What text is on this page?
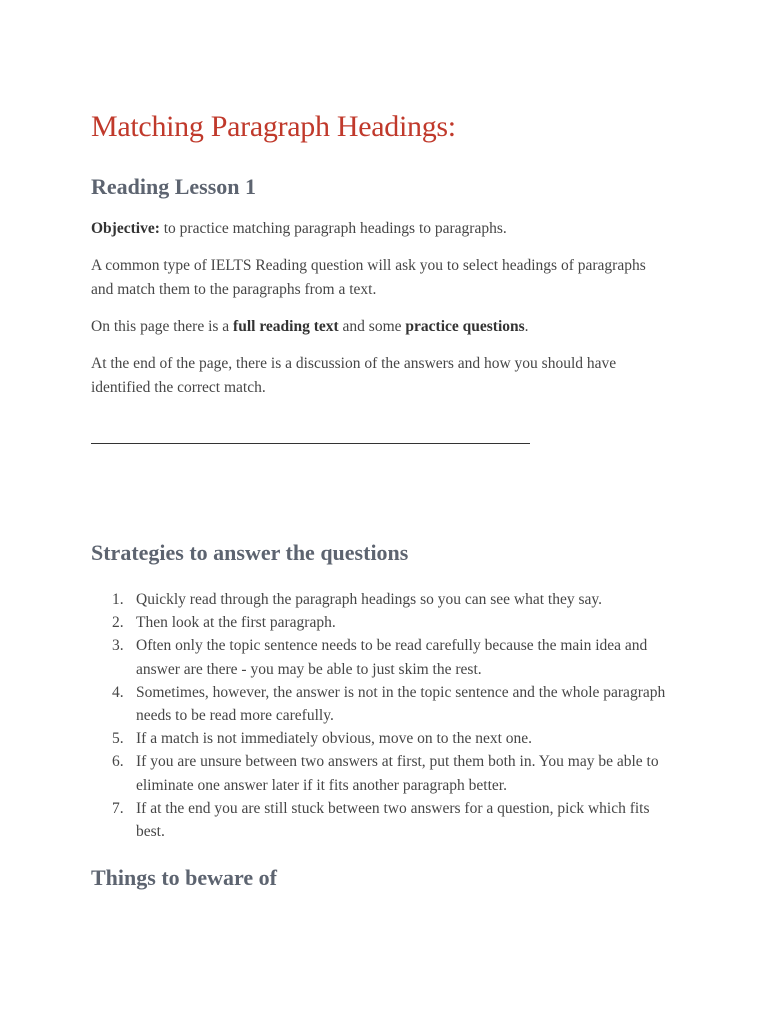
Matching Paragraph Headings:
Reading Lesson 1

Objective: to practice matching paragraph headings to paragraphs.

A common type of IELTS Reading question will ask you to select headings of paragraphs and match them to the paragraphs from a text.

On this page there is a full reading text and some practice questions.

At the end of the page, there is a discussion of the answers and how you should have identified the correct match.

Strategies to answer the questions
1. Quickly read through the paragraph headings so you can see what they say.
2. Then look at the first paragraph.
3. Often only the topic sentence needs to be read carefully because the main idea and answer are there - you may be able to just skim the rest.
4. Sometimes, however, the answer is not in the topic sentence and the whole paragraph needs to be read more carefully.
5. If a match is not immediately obvious, move on to the next one.
6. If you are unsure between two answers at first, put them both in. You may be able to eliminate one answer later if it fits another paragraph better.
7. If at the end you are still stuck between two answers for a question, pick which fits best.
Things to beware of
